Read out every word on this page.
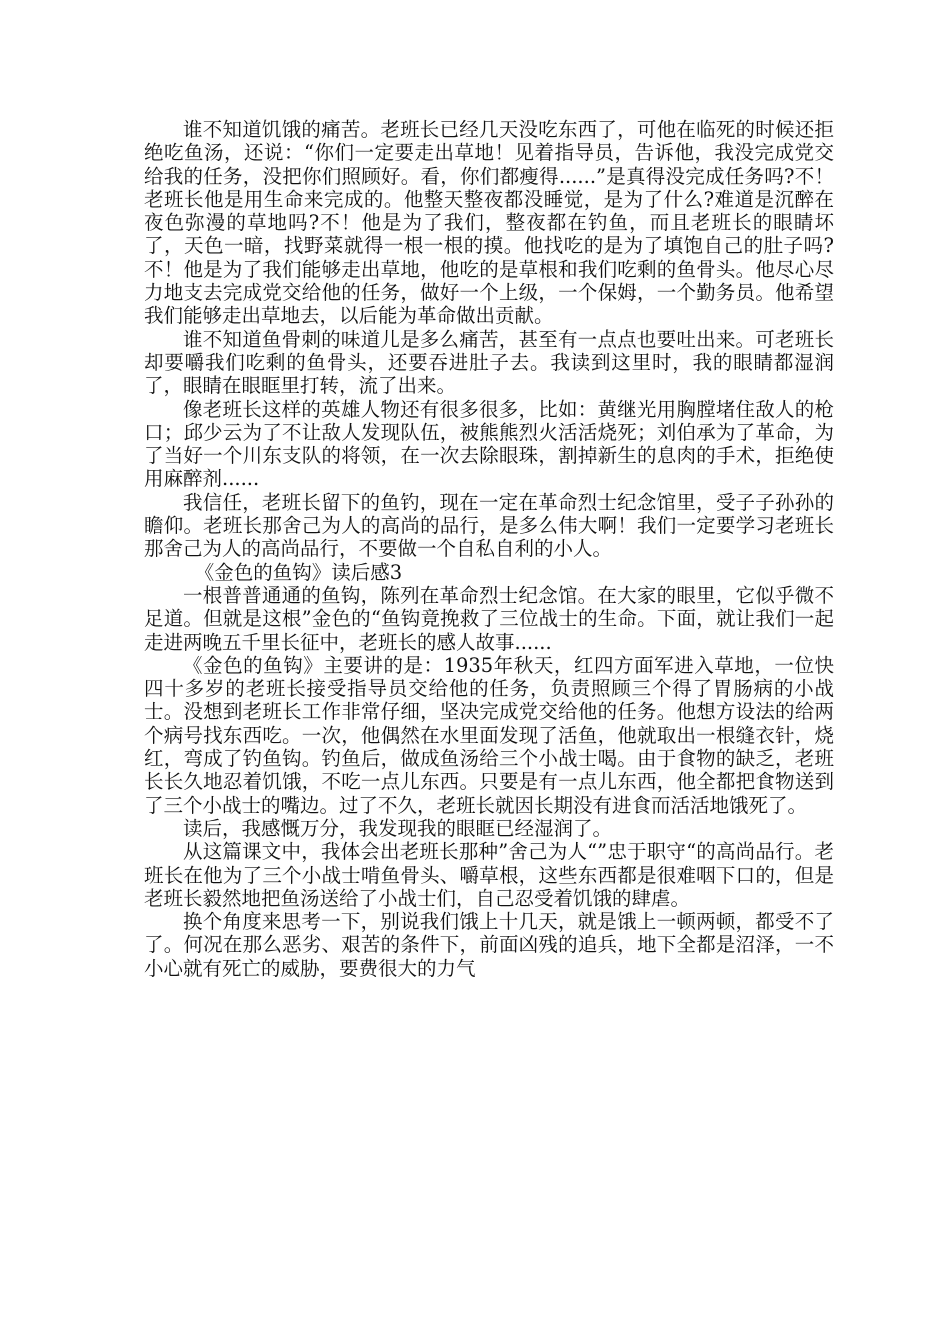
谁不知道饥饿的痛苦。老班长已经几天没吃东西了，可他在临死的时候还拒绝吃鱼汤，还说：“你们一定要走出草地！见着指导员，告诉他，我没完成党交给我的任务，没把你们照顾好。看，你们都瘦得......”是真得没完成任务吗?不！老班长他是用生命来完成的。他整天整夜都没睡觉，是为了什么?难道是沉醉在夜色弥漫的草地吗?不！他是为了我们，整夜都在钓鱼，而且老班长的眼睛坏了，天色一暗，找野菜就得一根一根的摸。他找吃的是为了填饱自己的肚子吗?不！他是为了我们能够走出草地，他吃的是草根和我们吃剩的鱼骨头。他尽心尽力地支去完成党交给他的任务，做好一个上级，一个保姆，一个勤务员。他希望我们能够走出草地去，以后能为革命做出贡献。

谁不知道鱼骨刺的味道儿是多么痛苦，甚至有一点点也要吐出来。可老班长却要嚼我们吃剩的鱼骨头，还要吞进肚子去。我读到这里时，我的眼睛都湿润了，眼睛在眼眶里打转，流了出来。

像老班长这样的英雄人物还有很多很多，比如：黄继光用胸膛堵住敌人的枪口；邱少云为了不让敌人发现队伍，被熊熊烈火活活烧死；刘伯承为了革命，为了当好一个川东支队的将领，在一次去除眼珠，割掉新生的息肉的手术，拒绝使用麻醉剂......

我信任，老班长留下的鱼钓，现在一定在革命烈士纪念馆里，受子子孙孙的瞻仰。老班长那舍己为人的高尚的品行，是多么伟大啊！我们一定要学习老班长那舍己为人的高尚品行，不要做一个自私自利的小人。

《金色的鱼钩》读后感3

一根普普通通的鱼钩，陈列在革命烈士纪念馆。在大家的眼里，它似乎微不足道。但就是这根”金色的“鱼钩竟挽救了三位战士的生命。下面，就让我们一起走进两晚五千里长征中，老班长的感人故事......

《金色的鱼钩》主要讲的是：1935年秋天，红四方面军进入草地，一位快四十多岁的老班长接受指导员交给他的任务，负责照顾三个得了胃肠病的小战士。没想到老班长工作非常仔细，坚决完成党交给他的任务。他想方设法的给两个病号找东西吃。一次，他偶然在水里面发现了活鱼，他就取出一根缝衣针，烧红，弯成了钓鱼钩。钓鱼后，做成鱼汤给三个小战士喝。由于食物的缺乏，老班长长久地忍着饥饿，不吃一点儿东西。只要是有一点儿东西，他全都把食物送到了三个小战士的嘴边。过了不久，老班长就因长期没有进食而活活地饿死了。

读后，我感慨万分，我发现我的眼眶已经湿润了。

从这篇课文中，我体会出老班长那种”舍己为人“”忠于职守“的高尚品行。老班长在他为了三个小战士啃鱼骨头、嚼草根，这些东西都是很难咽下口的，但是老班长毅然地把鱼汤送给了小战士们，自己忍受着饥饿的肆虐。

换个角度来思考一下，别说我们饿上十几天，就是饿上一顿两顿，都受不了了。何况在那么恶劣、艰苦的条件下，前面凶残的追兵，地下全都是沼泽，一不小心就有死亡的威胁，要费很大的力气
